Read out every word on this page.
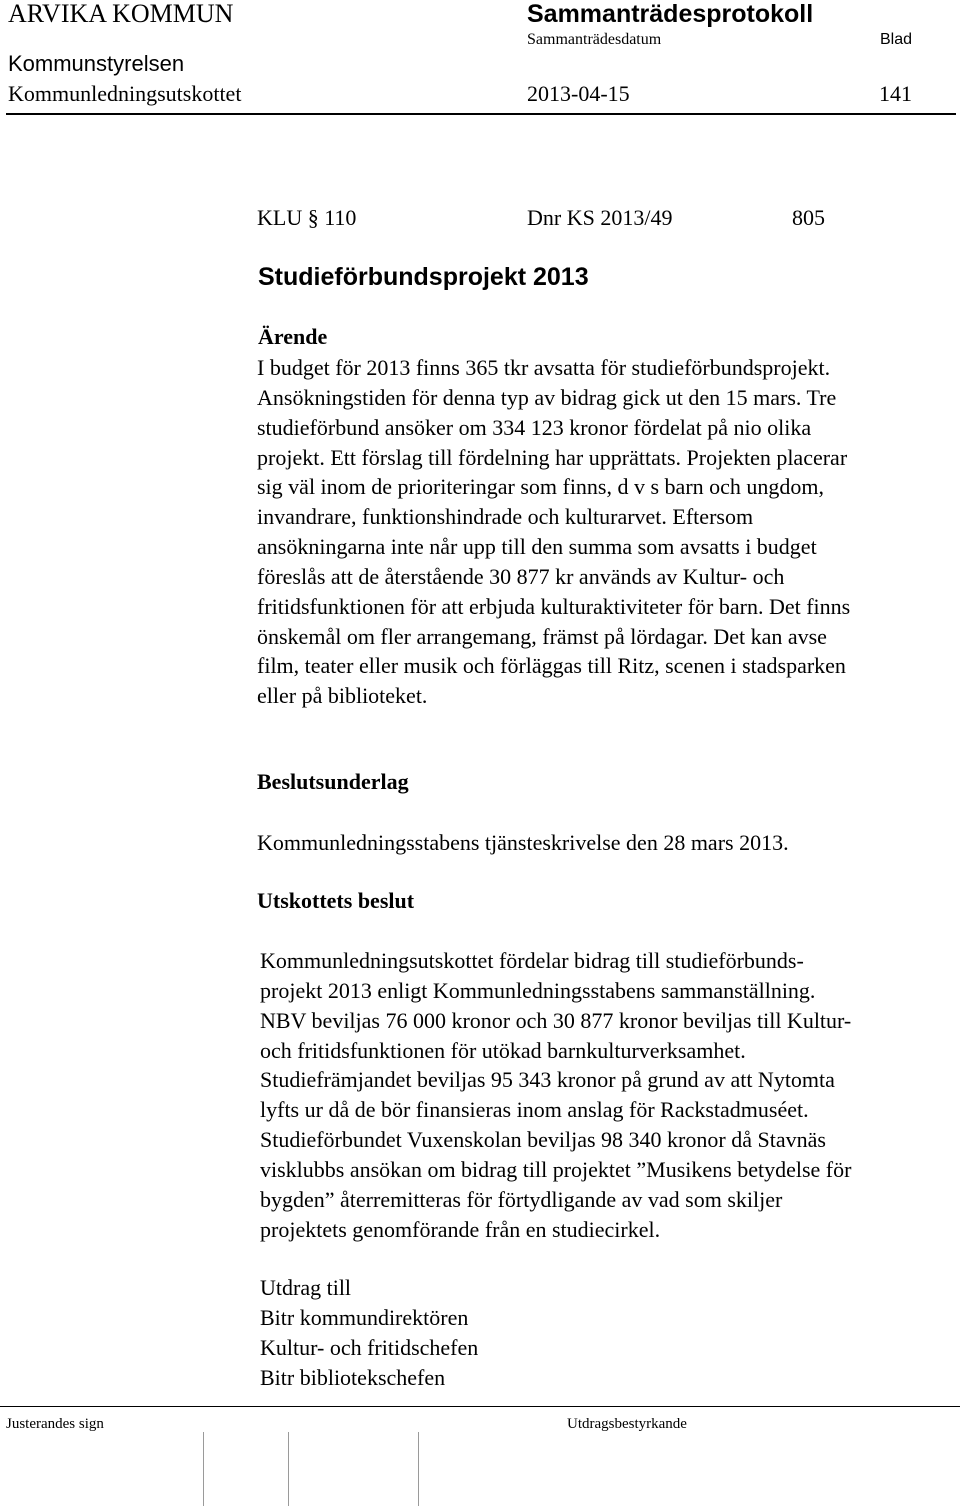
ARVIKA KOMMUN	Sammanträdesprotokoll
Sammanträdesdatum	Blad
Kommunstyrelsen
Kommunledningsutskottet	2013-04-15	141
KLU § 110	Dnr KS 2013/49	805
Studieförbundsprojekt 2013
Ärende
I budget för 2013 finns 365 tkr avsatta för studieförbundsprojekt.
Ansökningstiden för denna typ av bidrag gick ut den 15 mars. Tre
studieförbund ansöker om 334 123 kronor fördelat på nio olika
projekt. Ett förslag till fördelning har upprättats. Projekten placerar
sig väl inom de prioriteringar som finns, d v s barn och ungdom,
invandrare, funktionshindrade och kulturarvet. Eftersom
ansökningarna inte når upp till den summa som avsatts i budget
föreslås att de återstående 30 877 kr används av Kultur- och
fritidsfunktionen för att erbjuda kulturaktiviteter för barn. Det finns
önskemål om fler arrangemang, främst på lördagar. Det kan avse
film, teater eller musik och förläggas till Ritz, scenen i stadsparken
eller på biblioteket.
Beslutsunderlag
Kommunledningsstabens tjänsteskrivelse den 28 mars 2013.
Utskottets beslut
Kommunledningsutskottet fördelar bidrag till studieförbunds-
projekt 2013 enligt Kommunledningsstabens sammanställning.
NBV beviljas 76 000 kronor och 30 877 kronor beviljas till Kultur-
och fritidsfunktionen för utökad barnkulturverksamhet.
Studiefrämjandet beviljas 95 343 kronor på grund av att Nytomta
lyfts ur då de bör finansieras inom anslag för Rackstadmuséet.
Studieförbundet Vuxenskolan beviljas 98 340 kronor då Stavnäs
visklubbs ansökan om bidrag till projektet ”Musikens betydelse för
bygden” återremitteras för förtydligande av vad som skiljer
projektets genomförande från en studiecirkel.
Utdrag till
Bitr kommundirektören
Kultur- och fritidschefen
Bitr bibliotekschefen
Justerandes sign	Utdragsbestyrkande
